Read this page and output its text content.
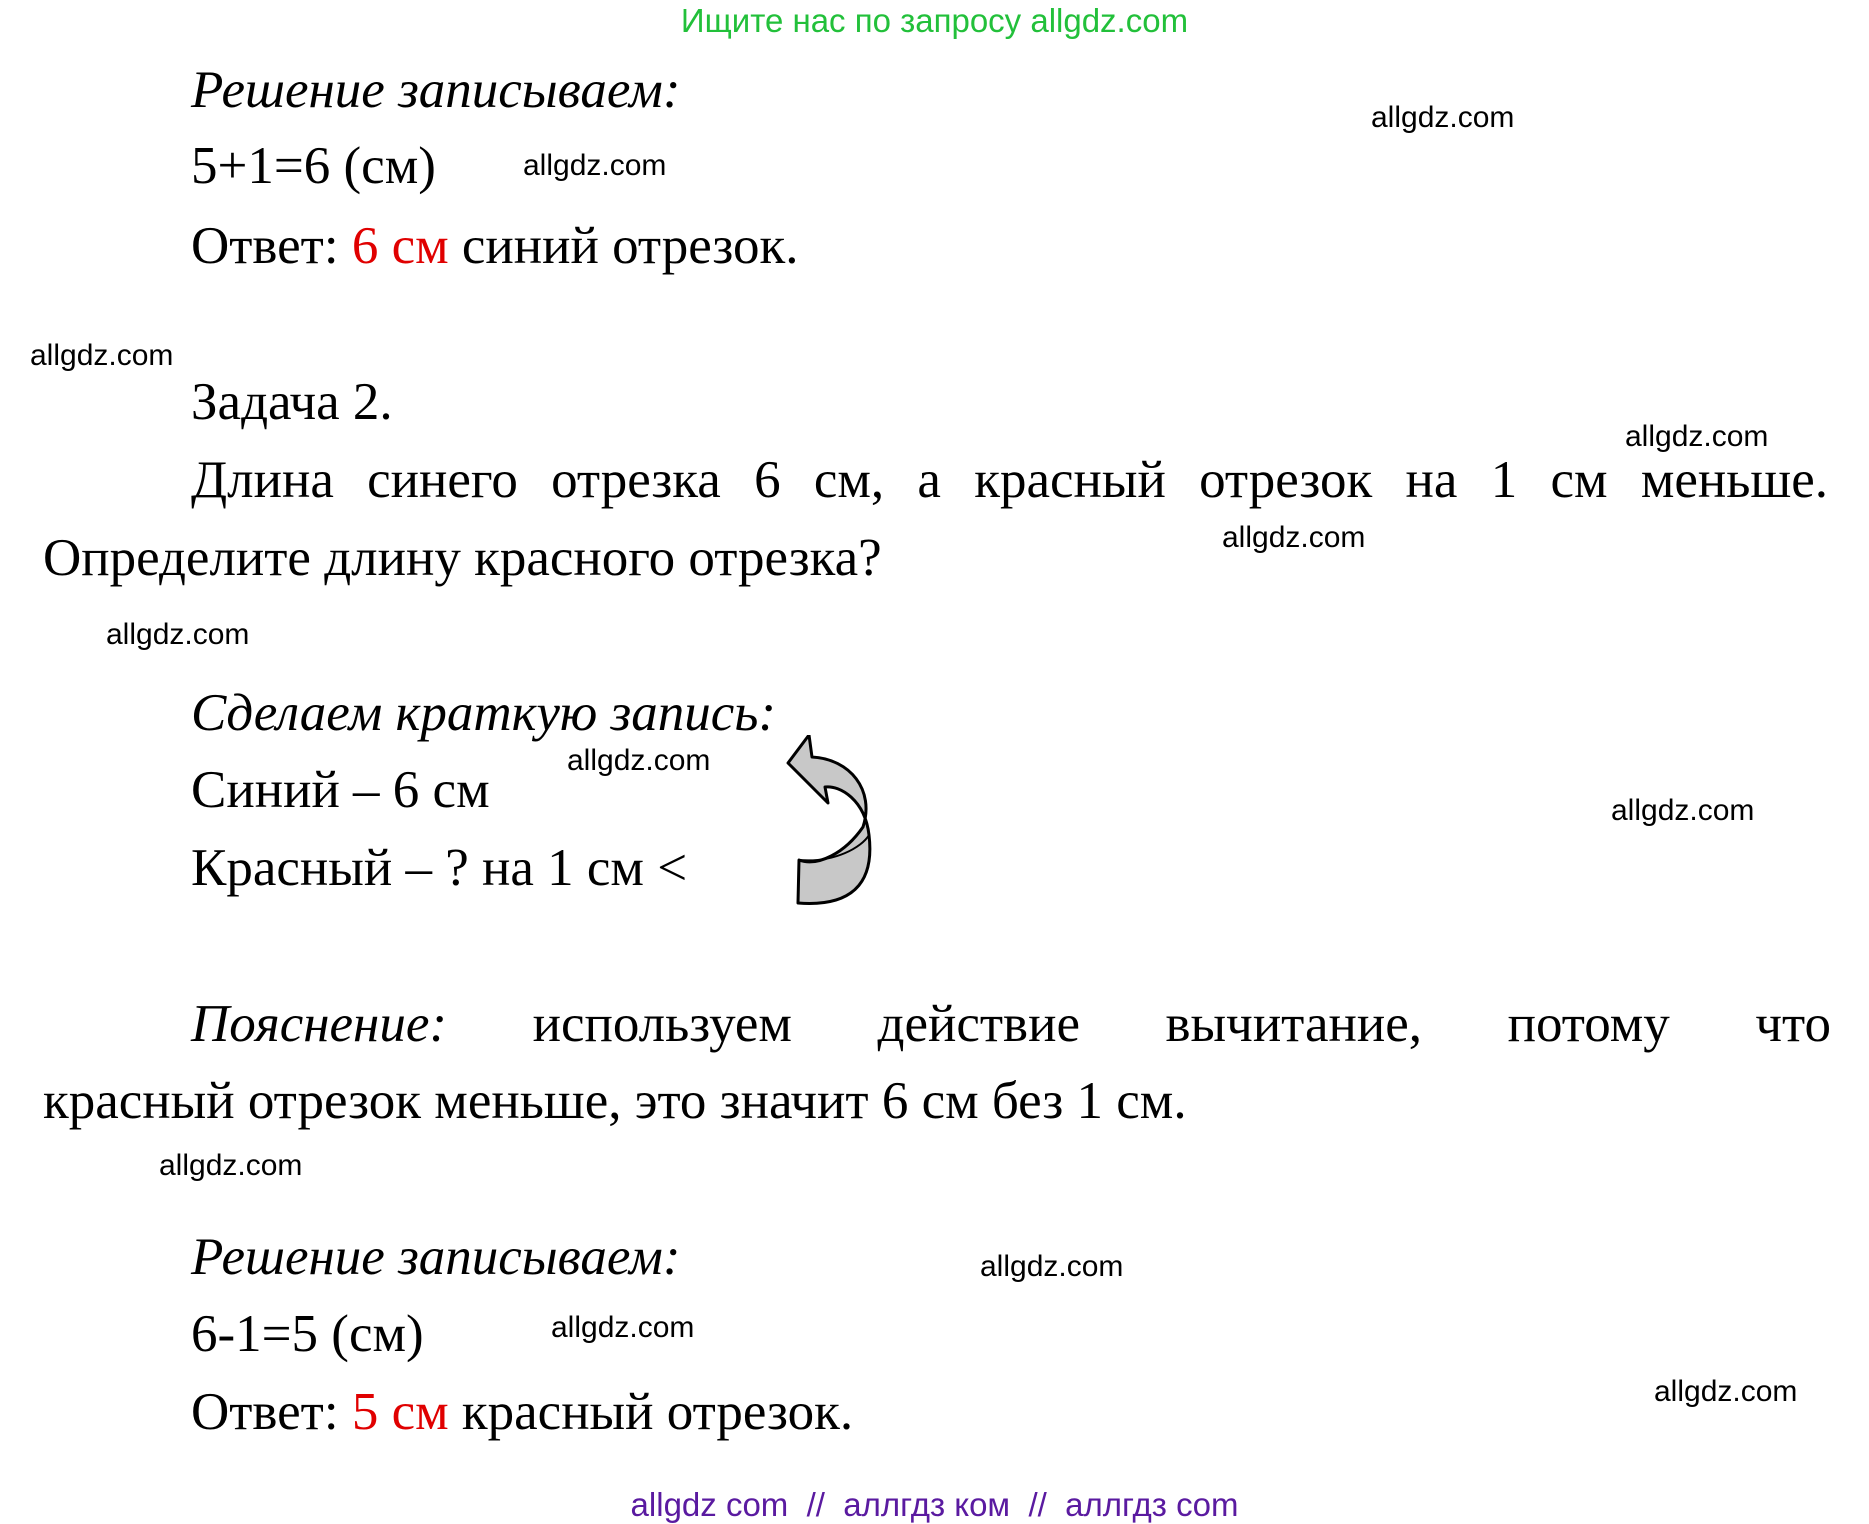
Ищите нас по запросу allgdz.com
Решение записываем:
5+1=6 (см)
Ответ: 6 см синий отрезок.
Задача 2.
Длина синего отрезка 6 см, а красный отрезок на 1 см меньше.
Определите длину красного отрезка?
Сделаем краткую запись:
Синий – 6 см
Красный – ? на 1 см <
Пояснение: используем действие вычитание, потому что
красный отрезок меньше, это значит 6 см без 1 см.
Решение записываем:
6-1=5 (см)
Ответ: 5 см красный отрезок.
allgdz.com
allgdz.com
allgdz.com
allgdz.com
allgdz.com
allgdz.com
allgdz.com
allgdz.com
allgdz.com
allgdz.com
allgdz.com
allgdz.com
allgdz com  //  аллгдз ком  //  аллгдз com
